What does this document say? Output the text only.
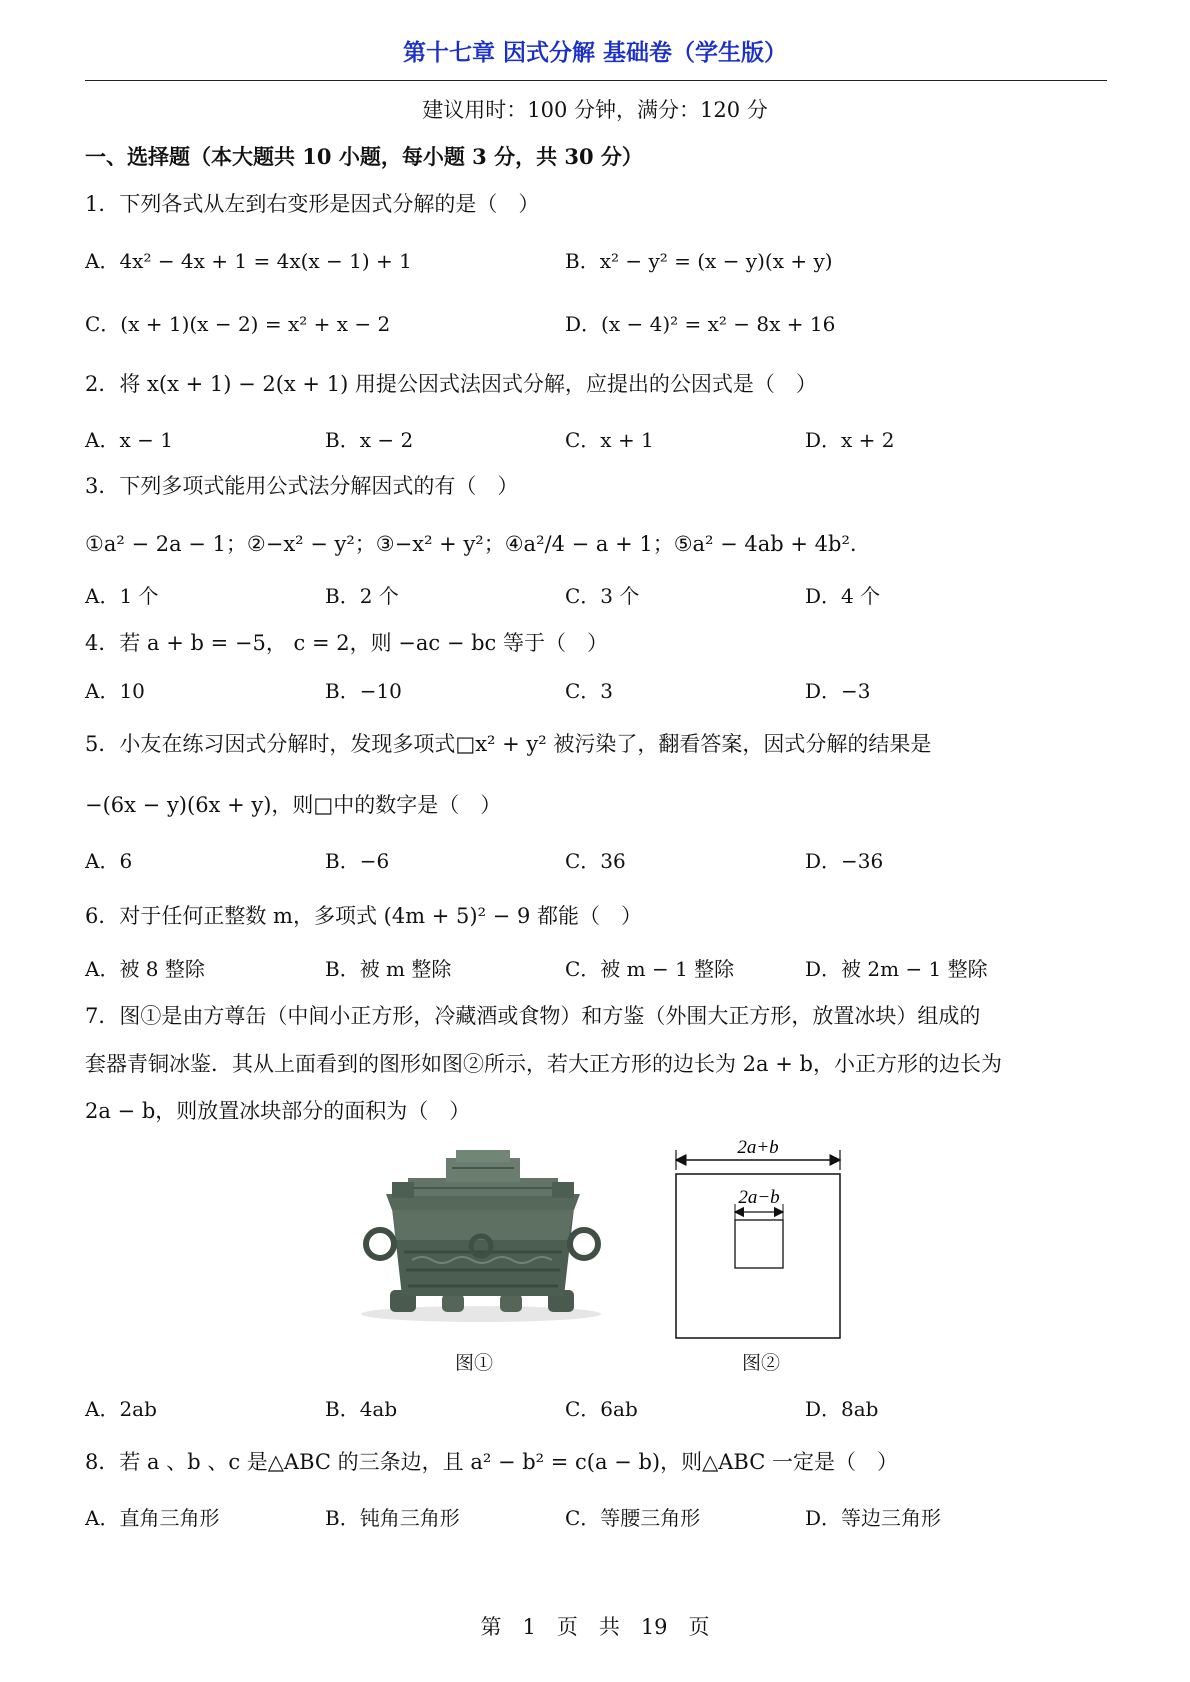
第十七章 因式分解 基础卷（学生版）
建议用时：100 分钟，满分：120 分
一、选择题（本大题共 10 小题，每小题 3 分，共 30 分）
1．下列各式从左到右变形是因式分解的是（　）
A．4x² − 4x + 1 = 4x(x − 1) + 1	B．x² − y² = (x − y)(x + y)
C．(x + 1)(x − 2) = x² + x − 2	D．(x − 4)² = x² − 8x + 16
2．将 x(x + 1) − 2(x + 1) 用提公因式法因式分解，应提出的公因式是（　）
A．x − 1	B．x − 2	C．x + 1	D．x + 2
3．下列多项式能用公式法分解因式的有（　）
①a² − 2a − 1；②−x² − y²；③−x² + y²；④a²/4 − a + 1；⑤a² − 4ab + 4b².
A．1 个	B．2 个	C．3 个	D．4 个
4．若 a + b = −5， c = 2，则 −ac − bc 等于（　）
A．10	B．−10	C．3	D．−3
5．小友在练习因式分解时，发现多项式□x² + y² 被污染了，翻看答案，因式分解的结果是
−(6x − y)(6x + y)，则□中的数字是（　）
A．6	B．−6	C．36	D．−36
6．对于任何正整数 m，多项式 (4m + 5)² − 9 都能（　）
A．被 8 整除	B．被 m 整除	C．被 m − 1 整除	D．被 2m − 1 整除
7．图①是由方尊缶（中间小正方形，冷藏酒或食物）和方鉴（外围大正方形，放置冰块）组成的
套器青铜冰鉴．其从上面看到的图形如图②所示，若大正方形的边长为 2a + b，小正方形的边长为
2a − b，则放置冰块部分的面积为（　）
图①
2a+b
2a−b
图②
A．2ab	B．4ab	C．6ab	D．8ab
8．若 a 、b 、c 是△ABC 的三条边，且 a² − b² = c(a − b)，则△ABC 一定是（　）
A．直角三角形	B．钝角三角形	C．等腰三角形	D．等边三角形
第　1　页　共　19　页
